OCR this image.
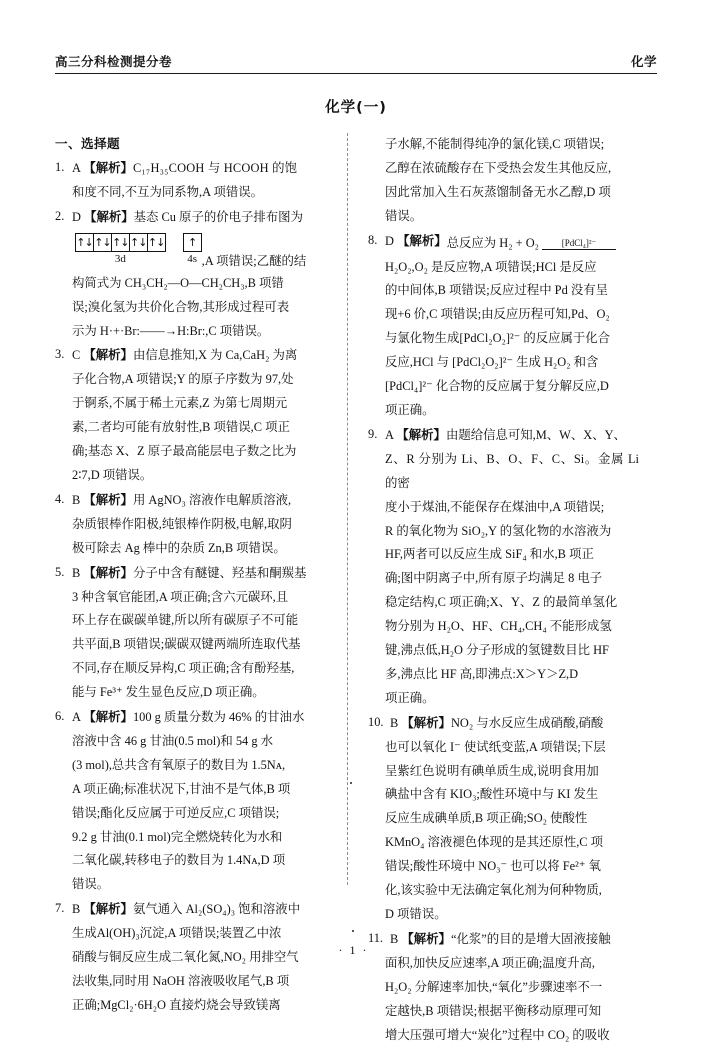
高三分科检测提分卷	化学
化学(一)
一、选择题
1. A 【解析】C₁₇H₃₅COOH 与 HCOOH 的饱
和度不同,不互为同系物,A 项错误。
2. D 【解析】基态 Cu 原子的价电子排布图为
↑↓ ↑↓ ↑↓ ↑↓ ↑↓
3d
↑
4s ,A 项错误;乙醚的结
构简式为 CH₃CH₂—O—CH₂CH₃,B 项错
误;溴化氢为共价化合物,其形成过程可表
示为 H·+·Br:——→H:Br:,C 项错误。
3. C 【解析】由信息推知,X 为 Ca,CaH₂ 为离
子化合物,A 项错误;Y 的原子序数为 97,处
于锕系,不属于稀土元素,Z 为第七周期元
素,二者均可能有放射性,B 项错误,C 项正
确;基态 X、Z 原子最高能层电子数之比为
2∶7,D 项错误。
4. B 【解析】用 AgNO₃ 溶液作电解质溶液,
杂质银棒作阳极,纯银棒作阴极,电解,取阴
极可除去 Ag 棒中的杂质 Zn,B 项错误。
5. B 【解析】分子中含有醚键、羟基和酮羰基
3 种含氧官能团,A 项正确;含六元碳环,且
环上存在碳碳单键,所以所有碳原子不可能
共平面,B 项错误;碳碳双键两端所连取代基
不同,存在顺反异构,C 项正确;含有酚羟基,
能与 Fe³⁺ 发生显色反应,D 项正确。
6. A 【解析】100 g 质量分数为 46% 的甘油水
溶液中含 46 g 甘油(0.5 mol)和 54 g 水
(3 mol),总共含有氧原子的数目为 1.5Nᴀ,
A 项正确;标准状况下,甘油不是气体,B 项
错误;酯化反应属于可逆反应,C 项错误;
9.2 g 甘油(0.1 mol)完全燃烧转化为水和
二氧化碳,转移电子的数目为 1.4Nᴀ,D 项
错误。
7. B 【解析】氨气通入 Al₂(SO₄)₃ 饱和溶液中
生成Al(OH)₃沉淀,A 项错误;装置乙中浓
硝酸与铜反应生成二氧化氮,NO₂ 用排空气
法收集,同时用 NaOH 溶液吸收尾气,B 项
正确;MgCl₂·6H₂O 直接灼烧会导致镁离
子水解,不能制得纯净的氯化镁,C 项错误;
乙醇在浓硫酸存在下受热会发生其他反应,
因此常加入生石灰蒸馏制备无水乙醇,D 项
错误。
8. D 【解析】 总反应为 H₂ + O₂	[PdCl₄]²⁻
H₂O₂,O₂ 是反应物,A 项错误;HCl 是反应
的中间体,B 项错误;反应过程中 Pd 没有呈
现+6 价,C 项错误;由反应历程可知,Pd、O₂
与氯化物生成[PdCl₂O₂]²⁻ 的反应属于化合
反应,HCl 与 [PdCl₂O₂]²⁻ 生成 H₂O₂ 和含
[PdCl₄]²⁻ 化合物的反应属于复分解反应,D
项正确。
9. A 【解析】由题给信息可知,M、W、X、Y、
Z、R 分别为 Li、B、O、F、C、Si。金属 Li 的密
度小于煤油,不能保存在煤油中,A 项错误;
R 的氧化物为 SiO₂,Y 的氢化物的水溶液为
HF,两者可以反应生成 SiF₄ 和水,B 项正
确;图中阴离子中,所有原子均满足 8 电子
稳定结构,C 项正确;X、Y、Z 的最简单氢化
物分别为 H₂O、HF、CH₄,CH₄ 不能形成氢
键,沸点低,H₂O 分子形成的氢键数目比 HF
多,沸点比 HF 高,即沸点:X＞Y＞Z,D
项正确。
10. B 【解析】NO₂ 与水反应生成硝酸,硝酸
也可以氧化 I⁻ 使试纸变蓝,A 项错误;下层
呈紫红色说明有碘单质生成,说明食用加
碘盐中含有 KIO₃;酸性环境中与 KI 发生
反应生成碘单质,B 项正确;SO₂ 使酸性
KMnO₄ 溶液褪色体现的是其还原性,C 项
错误;酸性环境中 NO₃⁻ 也可以将 Fe²⁺ 氧
化,该实验中无法确定氧化剂为何种物质,
D 项错误。
11. B 【解析】“化浆”的目的是增大固液接触
面积,加快反应速率,A 项正确;温度升高,
H₂O₂ 分解速率加快,“氧化”步骤速率不一
定越快,B 项错误;根据平衡移动原理可知
增大压强可增大“炭化”过程中 CO₂ 的吸收
· 1 ·
